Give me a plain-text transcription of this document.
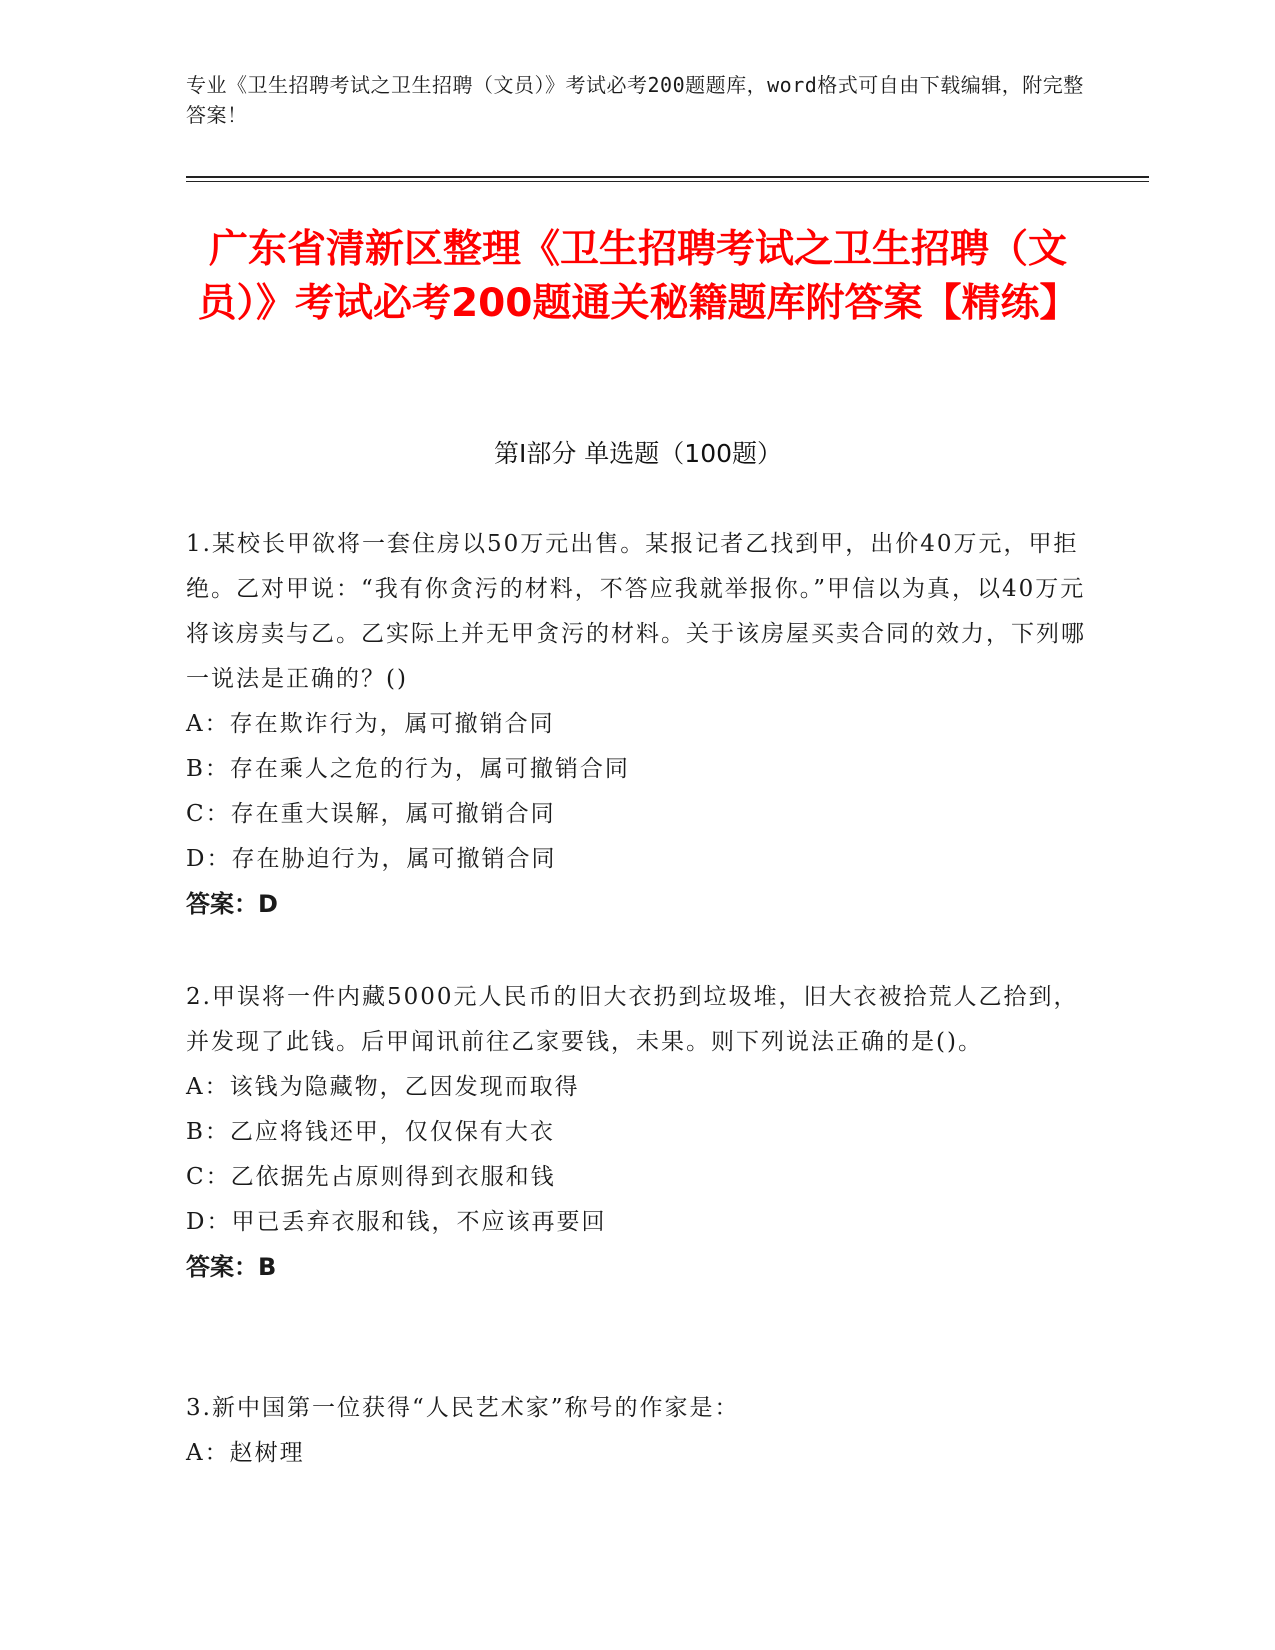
专业《卫生招聘考试之卫生招聘（文员）》考试必考200题题库，word格式可自由下载编辑，附完整答案！
广东省清新区整理《卫生招聘考试之卫生招聘（文员）》考试必考200题通关秘籍题库附答案【精练】
第Ⅰ部分 单选题（100题）
1.某校长甲欲将一套住房以50万元出售。某报记者乙找到甲，出价40万元，甲拒绝。乙对甲说：“我有你贪污的材料，不答应我就举报你。”甲信以为真，以40万元将该房卖与乙。乙实际上并无甲贪污的材料。关于该房屋买卖合同的效力，下列哪一说法是正确的？()
A：存在欺诈行为，属可撤销合同
B：存在乘人之危的行为，属可撤销合同
C：存在重大误解，属可撤销合同
D：存在胁迫行为，属可撤销合同
答案：D
2.甲误将一件内藏5000元人民币的旧大衣扔到垃圾堆，旧大衣被拾荒人乙拾到，并发现了此钱。后甲闻讯前往乙家要钱，未果。则下列说法正确的是()。
A：该钱为隐藏物，乙因发现而取得
B：乙应将钱还甲，仅仅保有大衣
C：乙依据先占原则得到衣服和钱
D：甲已丢弃衣服和钱，不应该再要回
答案：B
3.新中国第一位获得“人民艺术家”称号的作家是：
A：赵树理
